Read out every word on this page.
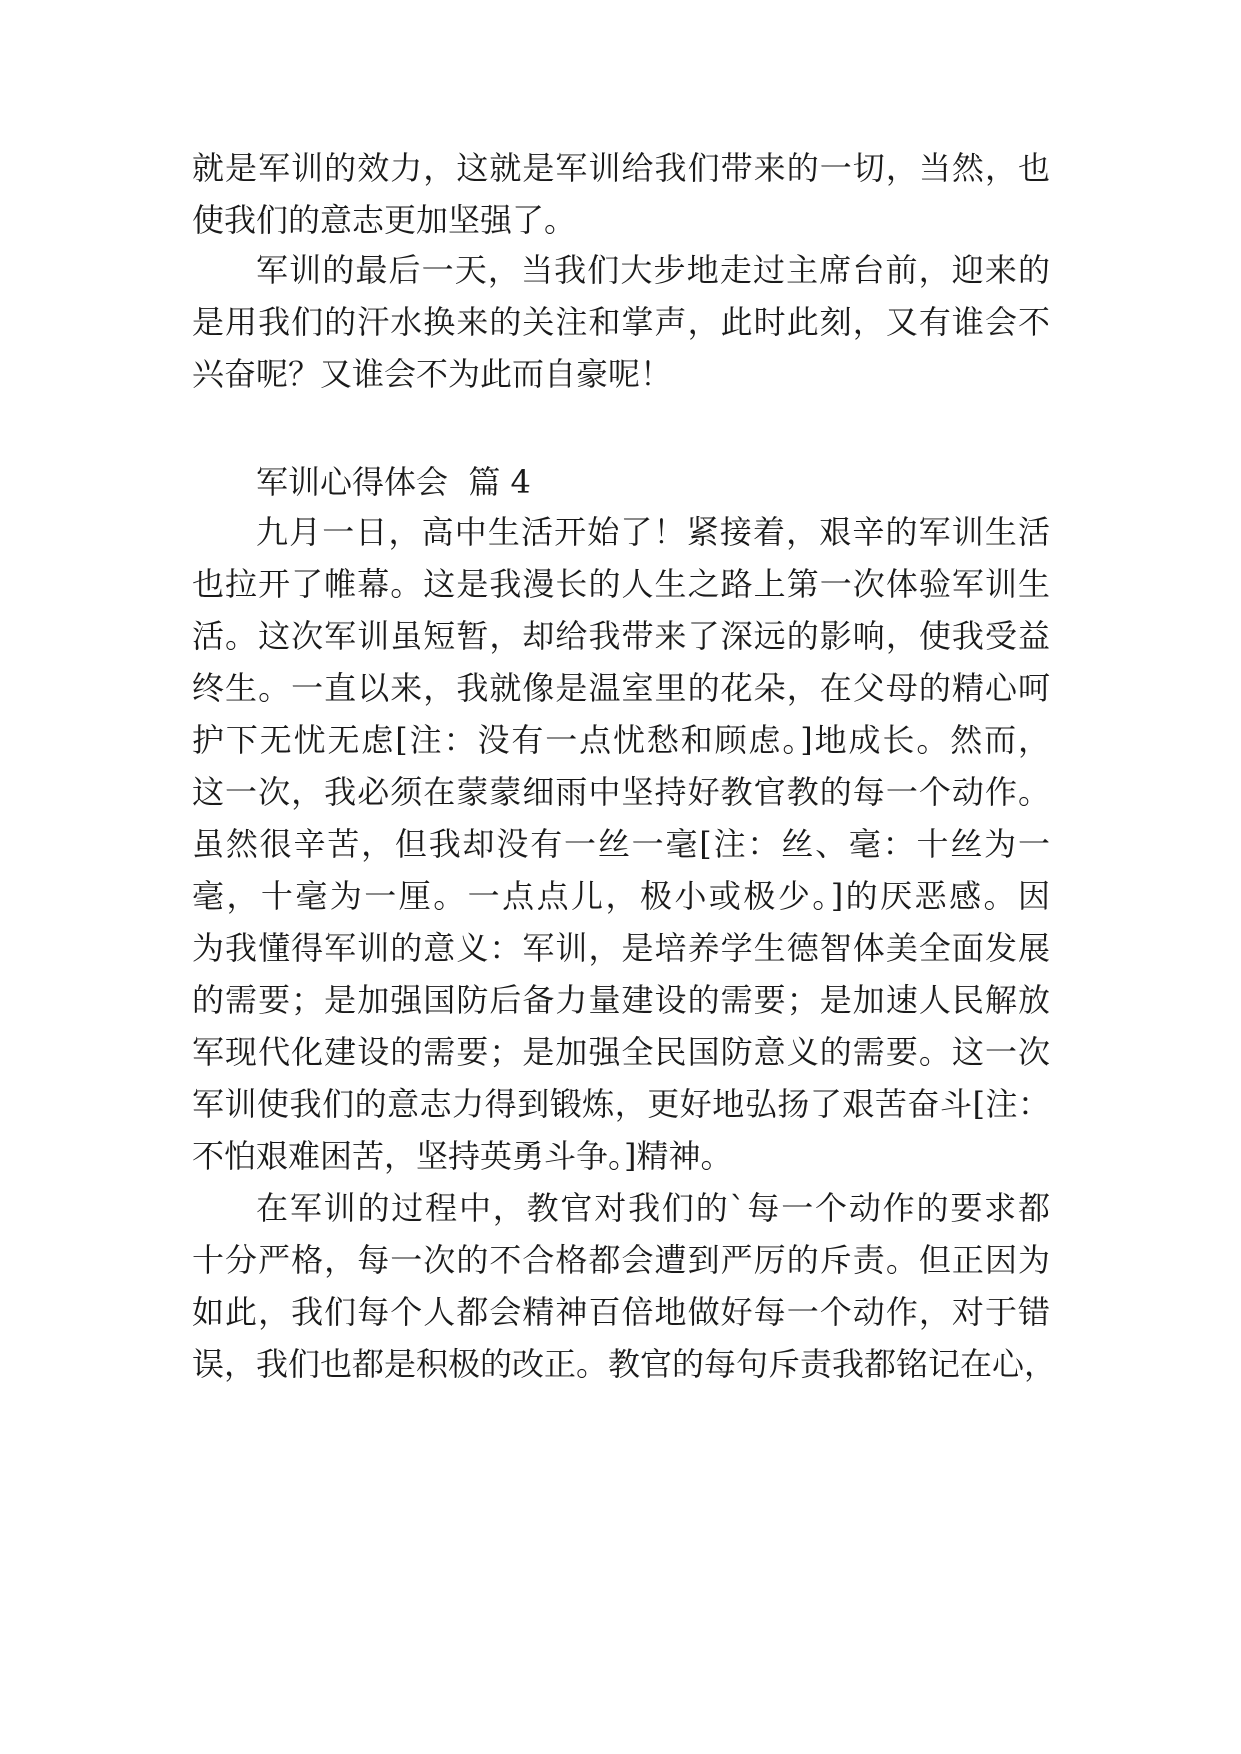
就是军训的效力，这就是军训给我们带来的一切，当然，也

使我们的意志更加坚强了。

军训的最后一天，当我们大步地走过主席台前，迎来的

是用我们的汗水换来的关注和掌声，此时此刻，又有谁会不

兴奋呢？又谁会不为此而自豪呢！

军训心得体会  篇 4

九月一日，高中生活开始了！紧接着，艰辛的军训生活

也拉开了帷幕。这是我漫长的人生之路上第一次体验军训生

活。这次军训虽短暂，却给我带来了深远的影响，使我受益

终生。一直以来，我就像是温室里的花朵，在父母的精心呵

护下无忧无虑[注：没有一点忧愁和顾虑。]地成长。然而，

这一次，我必须在蒙蒙细雨中坚持好教官教的每一个动作。

虽然很辛苦，但我却没有一丝一毫[注：丝、毫：十丝为一

毫，十毫为一厘。一点点儿，极小或极少。]的厌恶感。因

为我懂得军训的意义：军训，是培养学生德智体美全面发展

的需要；是加强国防后备力量建设的需要；是加速人民解放

军现代化建设的需要；是加强全民国防意义的需要。这一次

军训使我们的意志力得到锻炼，更好地弘扬了艰苦奋斗[注：

不怕艰难困苦，坚持英勇斗争。]精神。

在军训的过程中，教官对我们的`每一个动作的要求都

十分严格，每一次的不合格都会遭到严厉的斥责。但正因为

如此，我们每个人都会精神百倍地做好每一个动作，对于错

误，我们也都是积极的改正。教官的每句斥责我都铭记在心，
